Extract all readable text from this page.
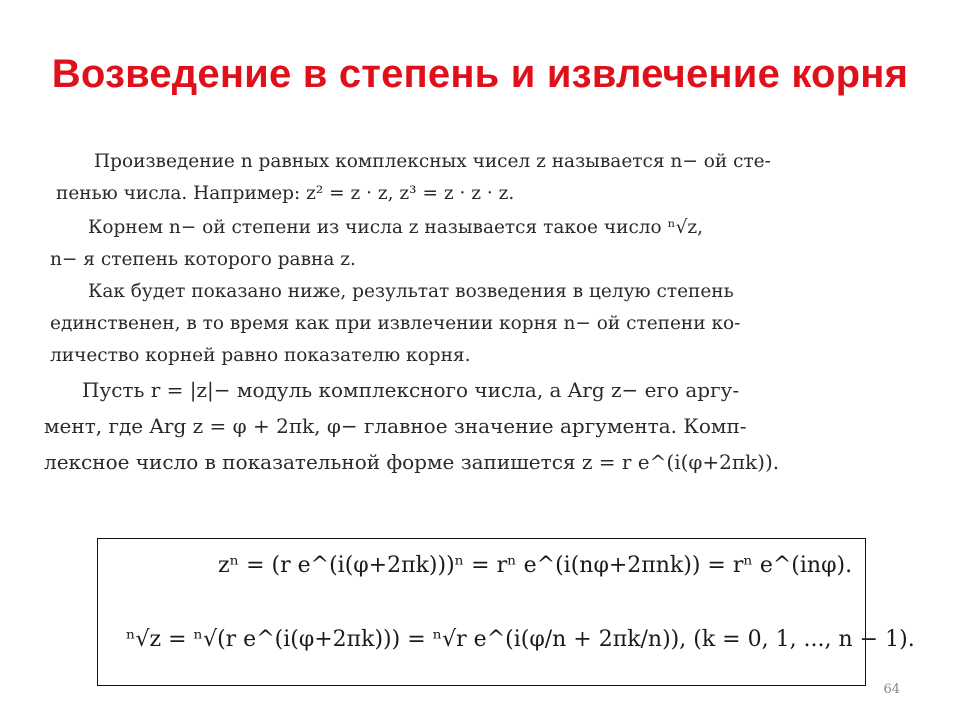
Возведение в степень и извлечение корня
Произведение n равных комплексных чисел z называется n− ой сте-
пенью числа. Например: z² = z · z, z³ = z · z · z.
Корнем n− ой степени из числа z называется такое число ⁿ√z,
n− я степень которого равна z.
Как будет показано ниже, результат возведения в целую степень
единственен, в то время как при извлечении корня n− ой степени ко-
личество корней равно показателю корня.
Пусть r = |z|− модуль комплексного числа, а Arg z− его аргу-
мент, где Arg z = φ + 2πk, φ− главное значение аргумента. Комп-
лексное число в показательной форме запишется z = r e^(i(φ+2πk)).
zⁿ = (r e^(i(φ+2πk)))ⁿ = rⁿ e^(i(nφ+2πnk)) = rⁿ e^(inφ).
ⁿ√z = ⁿ√(r e^(i(φ+2πk))) = ⁿ√r e^(i(φ/n + 2πk/n)), (k = 0, 1, ..., n − 1).
64
